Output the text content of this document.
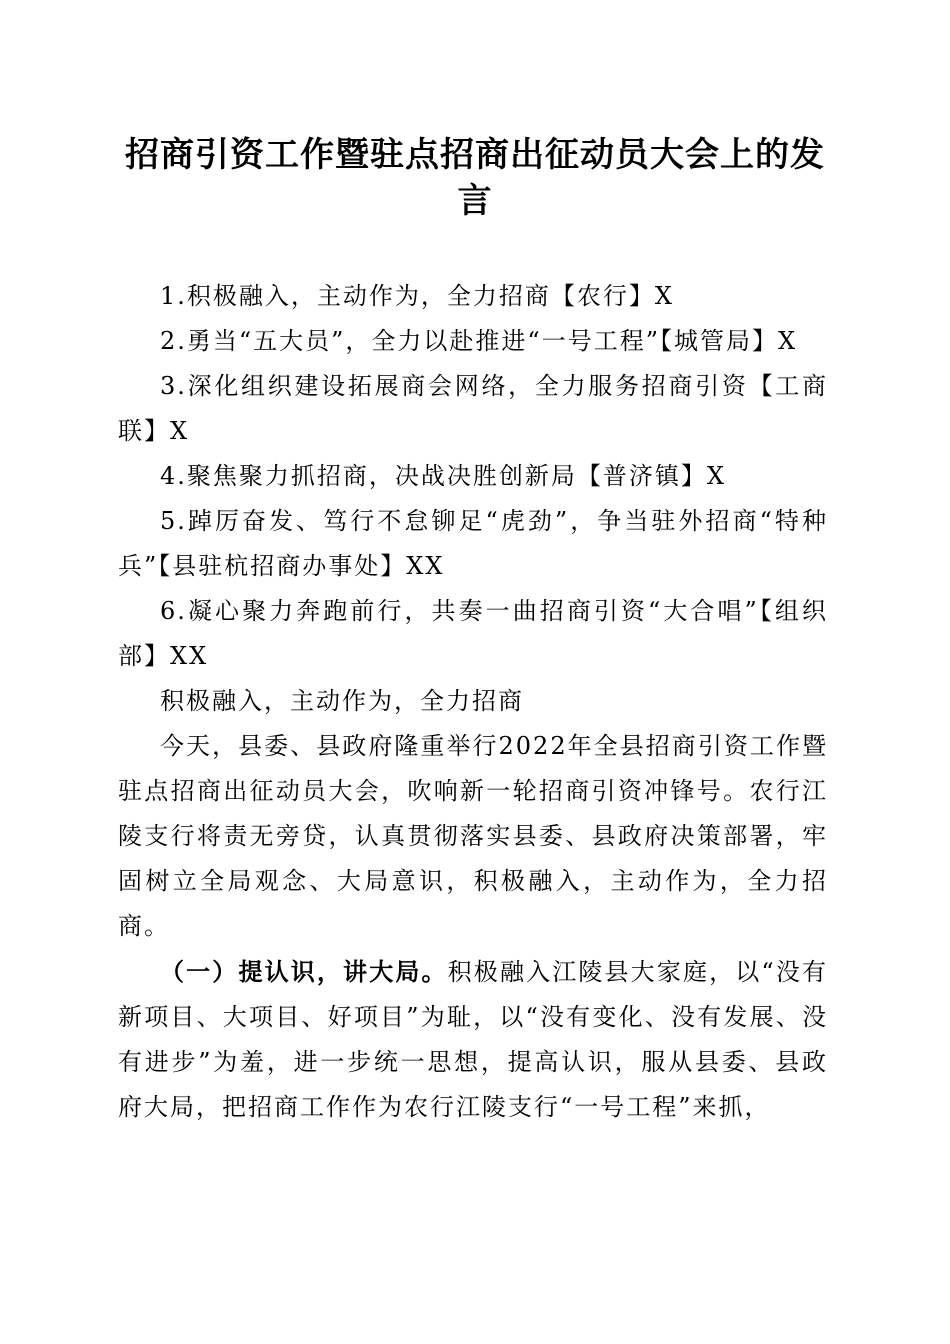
招商引资工作暨驻点招商出征动员大会上的发言

1.积极融入，主动作为，全力招商【农行】X

2.勇当“五大员”，全力以赴推进“一号工程”【城管局】X

3.深化组织建设拓展商会网络，全力服务招商引资【工商联】X

4.聚焦聚力抓招商，决战决胜创新局【普济镇】X

5.踔厉奋发、笃行不怠铆足“虎劲”，争当驻外招商“特种兵”【县驻杭招商办事处】XX

6.凝心聚力奔跑前行，共奏一曲招商引资“大合唱”【组织部】XX

积极融入，主动作为，全力招商

今天，县委、县政府隆重举行2022年全县招商引资工作暨驻点招商出征动员大会，吹响新一轮招商引资冲锋号。农行江陵支行将责无旁贷，认真贯彻落实县委、县政府决策部署，牢固树立全局观念、大局意识，积极融入，主动作为，全力招商。

（一）提认识，讲大局。积极融入江陵县大家庭，以“没有新项目、大项目、好项目”为耻，以“没有变化、没有发展、没有进步”为羞，进一步统一思想，提高认识，服从县委、县政府大局，把招商工作作为农行江陵支行“一号工程”来抓，
